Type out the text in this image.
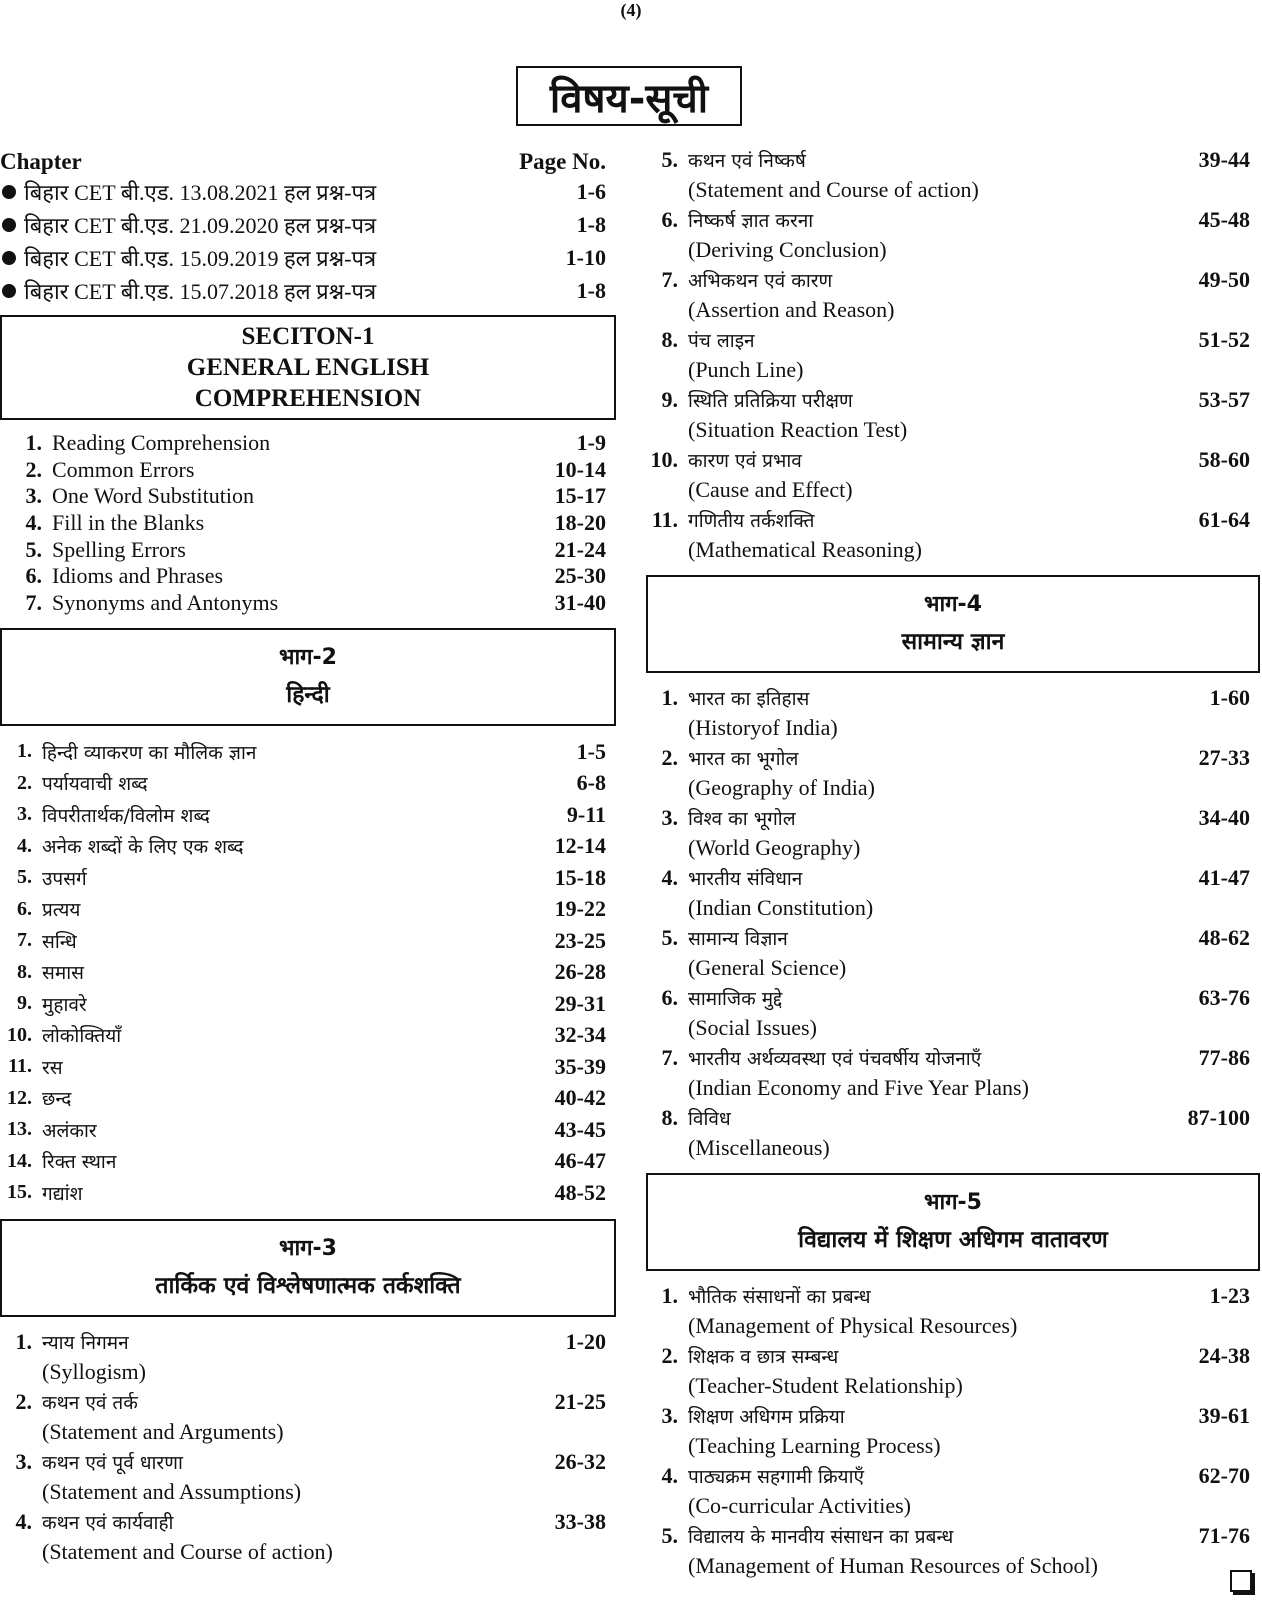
(4)
विषय-सूची
Chapter	Page No.
बिहार CET बी.एड. 13.08.2021 हल प्रश्न-पत्र	1-6
बिहार CET बी.एड. 21.09.2020 हल प्रश्न-पत्र	1-8
बिहार CET बी.एड. 15.09.2019 हल प्रश्न-पत्र	1-10
बिहार CET बी.एड. 15.07.2018 हल प्रश्न-पत्र	1-8
SECITON-1
GENERAL ENGLISH
COMPREHENSION
1. Reading Comprehension	1-9
2. Common Errors	10-14
3. One Word Substitution	15-17
4. Fill in the Blanks	18-20
5. Spelling Errors	21-24
6. Idioms and Phrases	25-30
7. Synonyms and Antonyms	31-40
भाग-2
हिन्दी
1. हिन्दी व्याकरण का मौलिक ज्ञान	1-5
2. पर्यायवाची शब्द	6-8
3. विपरीतार्थक/विलोम शब्द	9-11
4. अनेक शब्दों के लिए एक शब्द	12-14
5. उपसर्ग	15-18
6. प्रत्यय	19-22
7. सन्धि	23-25
8. समास	26-28
9. मुहावरे	29-31
10. लोकोक्तियाँ	32-34
11. रस	35-39
12. छन्द	40-42
13. अलंकार	43-45
14. रिक्त स्थान	46-47
15. गद्यांश	48-52
भाग-3
तार्किक एवं विश्लेषणात्मक तर्कशक्ति
1. न्याय निगमन	1-20
(Syllogism)
2. कथन एवं तर्क	21-25
(Statement and Arguments)
3. कथन एवं पूर्व धारणा	26-32
(Statement and Assumptions)
4. कथन एवं कार्यवाही	33-38
(Statement and Course of action)
5. कथन एवं निष्कर्ष	39-44
(Statement and Course of action)
6. निष्कर्ष ज्ञात करना	45-48
(Deriving Conclusion)
7. अभिकथन एवं कारण	49-50
(Assertion and Reason)
8. पंच लाइन	51-52
(Punch Line)
9. स्थिति प्रतिक्रिया परीक्षण	53-57
(Situation Reaction Test)
10. कारण एवं प्रभाव	58-60
(Cause and Effect)
11. गणितीय तर्कशक्ति	61-64
(Mathematical Reasoning)
भाग-4
सामान्य ज्ञान
1. भारत का इतिहास	1-60
(Historyof India)
2. भारत का भूगोल	27-33
(Geography of India)
3. विश्व का भूगोल	34-40
(World Geography)
4. भारतीय संविधान	41-47
(Indian Constitution)
5. सामान्य विज्ञान	48-62
(General Science)
6. सामाजिक मुद्दे	63-76
(Social Issues)
7. भारतीय अर्थव्यवस्था एवं पंचवर्षीय योजनाएँ	77-86
(Indian Economy and Five Year Plans)
8. विविध	87-100
(Miscellaneous)
भाग-5
विद्यालय में शिक्षण अधिगम वातावरण
1. भौतिक संसाधनों का प्रबन्ध	1-23
(Management of Physical Resources)
2. शिक्षक व छात्र सम्बन्ध	24-38
(Teacher-Student Relationship)
3. शिक्षण अधिगम प्रक्रिया	39-61
(Teaching Learning Process)
4. पाठ्यक्रम सहगामी क्रियाएँ	62-70
(Co-curricular Activities)
5. विद्यालय के मानवीय संसाधन का प्रबन्ध	71-76
(Management of Human Resources of School)
